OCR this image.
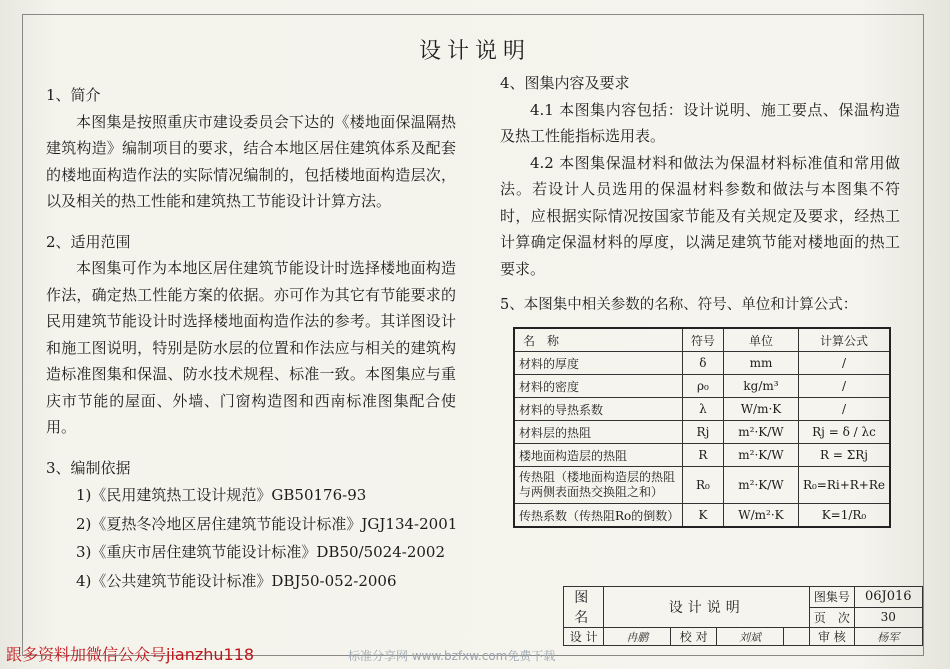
设计说明

1、简介

本图集是按照重庆市建设委员会下达的《楼地面保温隔热建筑构造》编制项目的要求，结合本地区居住建筑体系及配套的楼地面构造作法的实际情况编制的，包括楼地面构造层次，以及相关的热工性能和建筑热工节能设计计算方法。

2、适用范围

本图集可作为本地区居住建筑节能设计时选择楼地面构造作法，确定热工性能方案的依据。亦可作为其它有节能要求的民用建筑节能设计时选择楼地面构造作法的参考。其详图设计和施工图说明，特别是防水层的位置和作法应与相关的建筑构造标准图集和保温、防水技术规程、标准一致。本图集应与重庆市节能的屋面、外墙、门窗构造图和西南标准图集配合使用。

3、编制依据

1)《民用建筑热工设计规范》GB50176-93

2)《夏热冬冷地区居住建筑节能设计标准》JGJ134-2001

3)《重庆市居住建筑节能设计标准》DB50/5024-2002

4)《公共建筑节能设计标准》DBJ50-052-2006

4、图集内容及要求

4.1 本图集内容包括：设计说明、施工要点、保温构造及热工性能指标选用表。

4.2 本图集保温材料和做法为保温材料标准值和常用做法。若设计人员选用的保温材料参数和做法与本图集不符时，应根据实际情况按国家节能及有关规定及要求，经热工计算确定保温材料的厚度，以满足建筑节能对楼地面的热工要求。

5、本图集中相关参数的名称、符号、单位和计算公式：

名　称	符号	单位	计算公式
材料的厚度	δ	mm	/
材料的密度	ρ₀	kg/m³	/
材料的导热系数	λ	W/m·K	/
材料层的热阻	Rj	m²·K/W	Rj = δ / λc
楼地面构造层的热阻	R	m²·K/W	R = ΣRj
传热阻（楼地面构造层的热阻与两侧表面热交换阻之和）	R₀	m²·K/W	R₀=Ri+R+Re
传热系数（传热阻Ro的倒数）	K	W/m²·K	K=1/R₀
图 名	设计说明				图集号	06J016
					页　次	30
设 计	冉鹏	校 对	刘斌		审 核	杨军
跟多资料加微信公众号jianzhu118	标准分享网 www.bzfxw.com免费下载
